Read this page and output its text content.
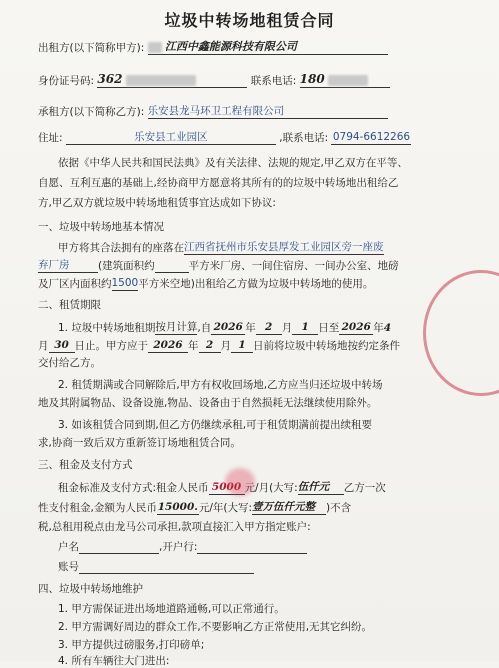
垃圾中转场地租赁合同
出租方(以下简称甲方): 江西中鑫能源科技有限公司
身份证号码: 362	联系电话: 180
承租方(以下简称乙方): 乐安县龙马环卫工程有限公司
住址:	乐安县工业园区	,联系电话: 0794-6612266
依据《中华人民共和国民法典》及有关法律、法规的规定,甲乙双方在平等、
自愿、互利互惠的基础上,经协商甲方愿意将其所有的的垃圾中转场地出租给乙
方,甲乙双方就垃圾中转场地租赁事宜达成如下协议:
一、垃圾中转场地基本情况
甲方将其合法拥有的座落在江西省抚州市乐安县厚发工业园区旁一座废
弃厂房	(建筑面积约	平方米厂房、一间住宿房、一间办公室、地磅
及厂区内面积约1500平方米空地)出租给乙方做为垃圾中转场地的使用。
二、租赁期限
1. 垃圾中转场地租期按月计算,自 2026 年 2 月 1 日至 2026 年4
月 30 日止。甲方应于 2026 年 2 月 1 日前将垃圾中转场地按约定条件
交付给乙方。
2. 租赁期满或合同解除后,甲方有权收回场地,乙方应当归还垃圾中转场
地及其附属物品、设备设施,物品、设备由于自然损耗无法继续使用除外。
3. 如该租赁合同到期,但乙方仍继续承租,可于租赁期满前提出续租要
求,协商一致后双方重新签订场地租赁合同。
三、租金及支付方式
租金标准及支付方式:租金人民币 5000 元/月(大写:伍仟元 乙方一次
性支付租金,金额为人民币15000.元/年(大写:壹万伍仟元整 )不含
税,总租用税点由龙马公司承担,款项直接汇入甲方指定账户:
户名	,开户行:
账号
四、垃圾中转场地维护
1. 甲方需保证进出场地道路通畅,可以正常通行。
2. 甲方需调好周边的群众工作,不要影响乙方正常使用,无其它纠纷。
3. 甲方提供过磅服务,打印磅单;
4. 所有车辆往大门进出:
